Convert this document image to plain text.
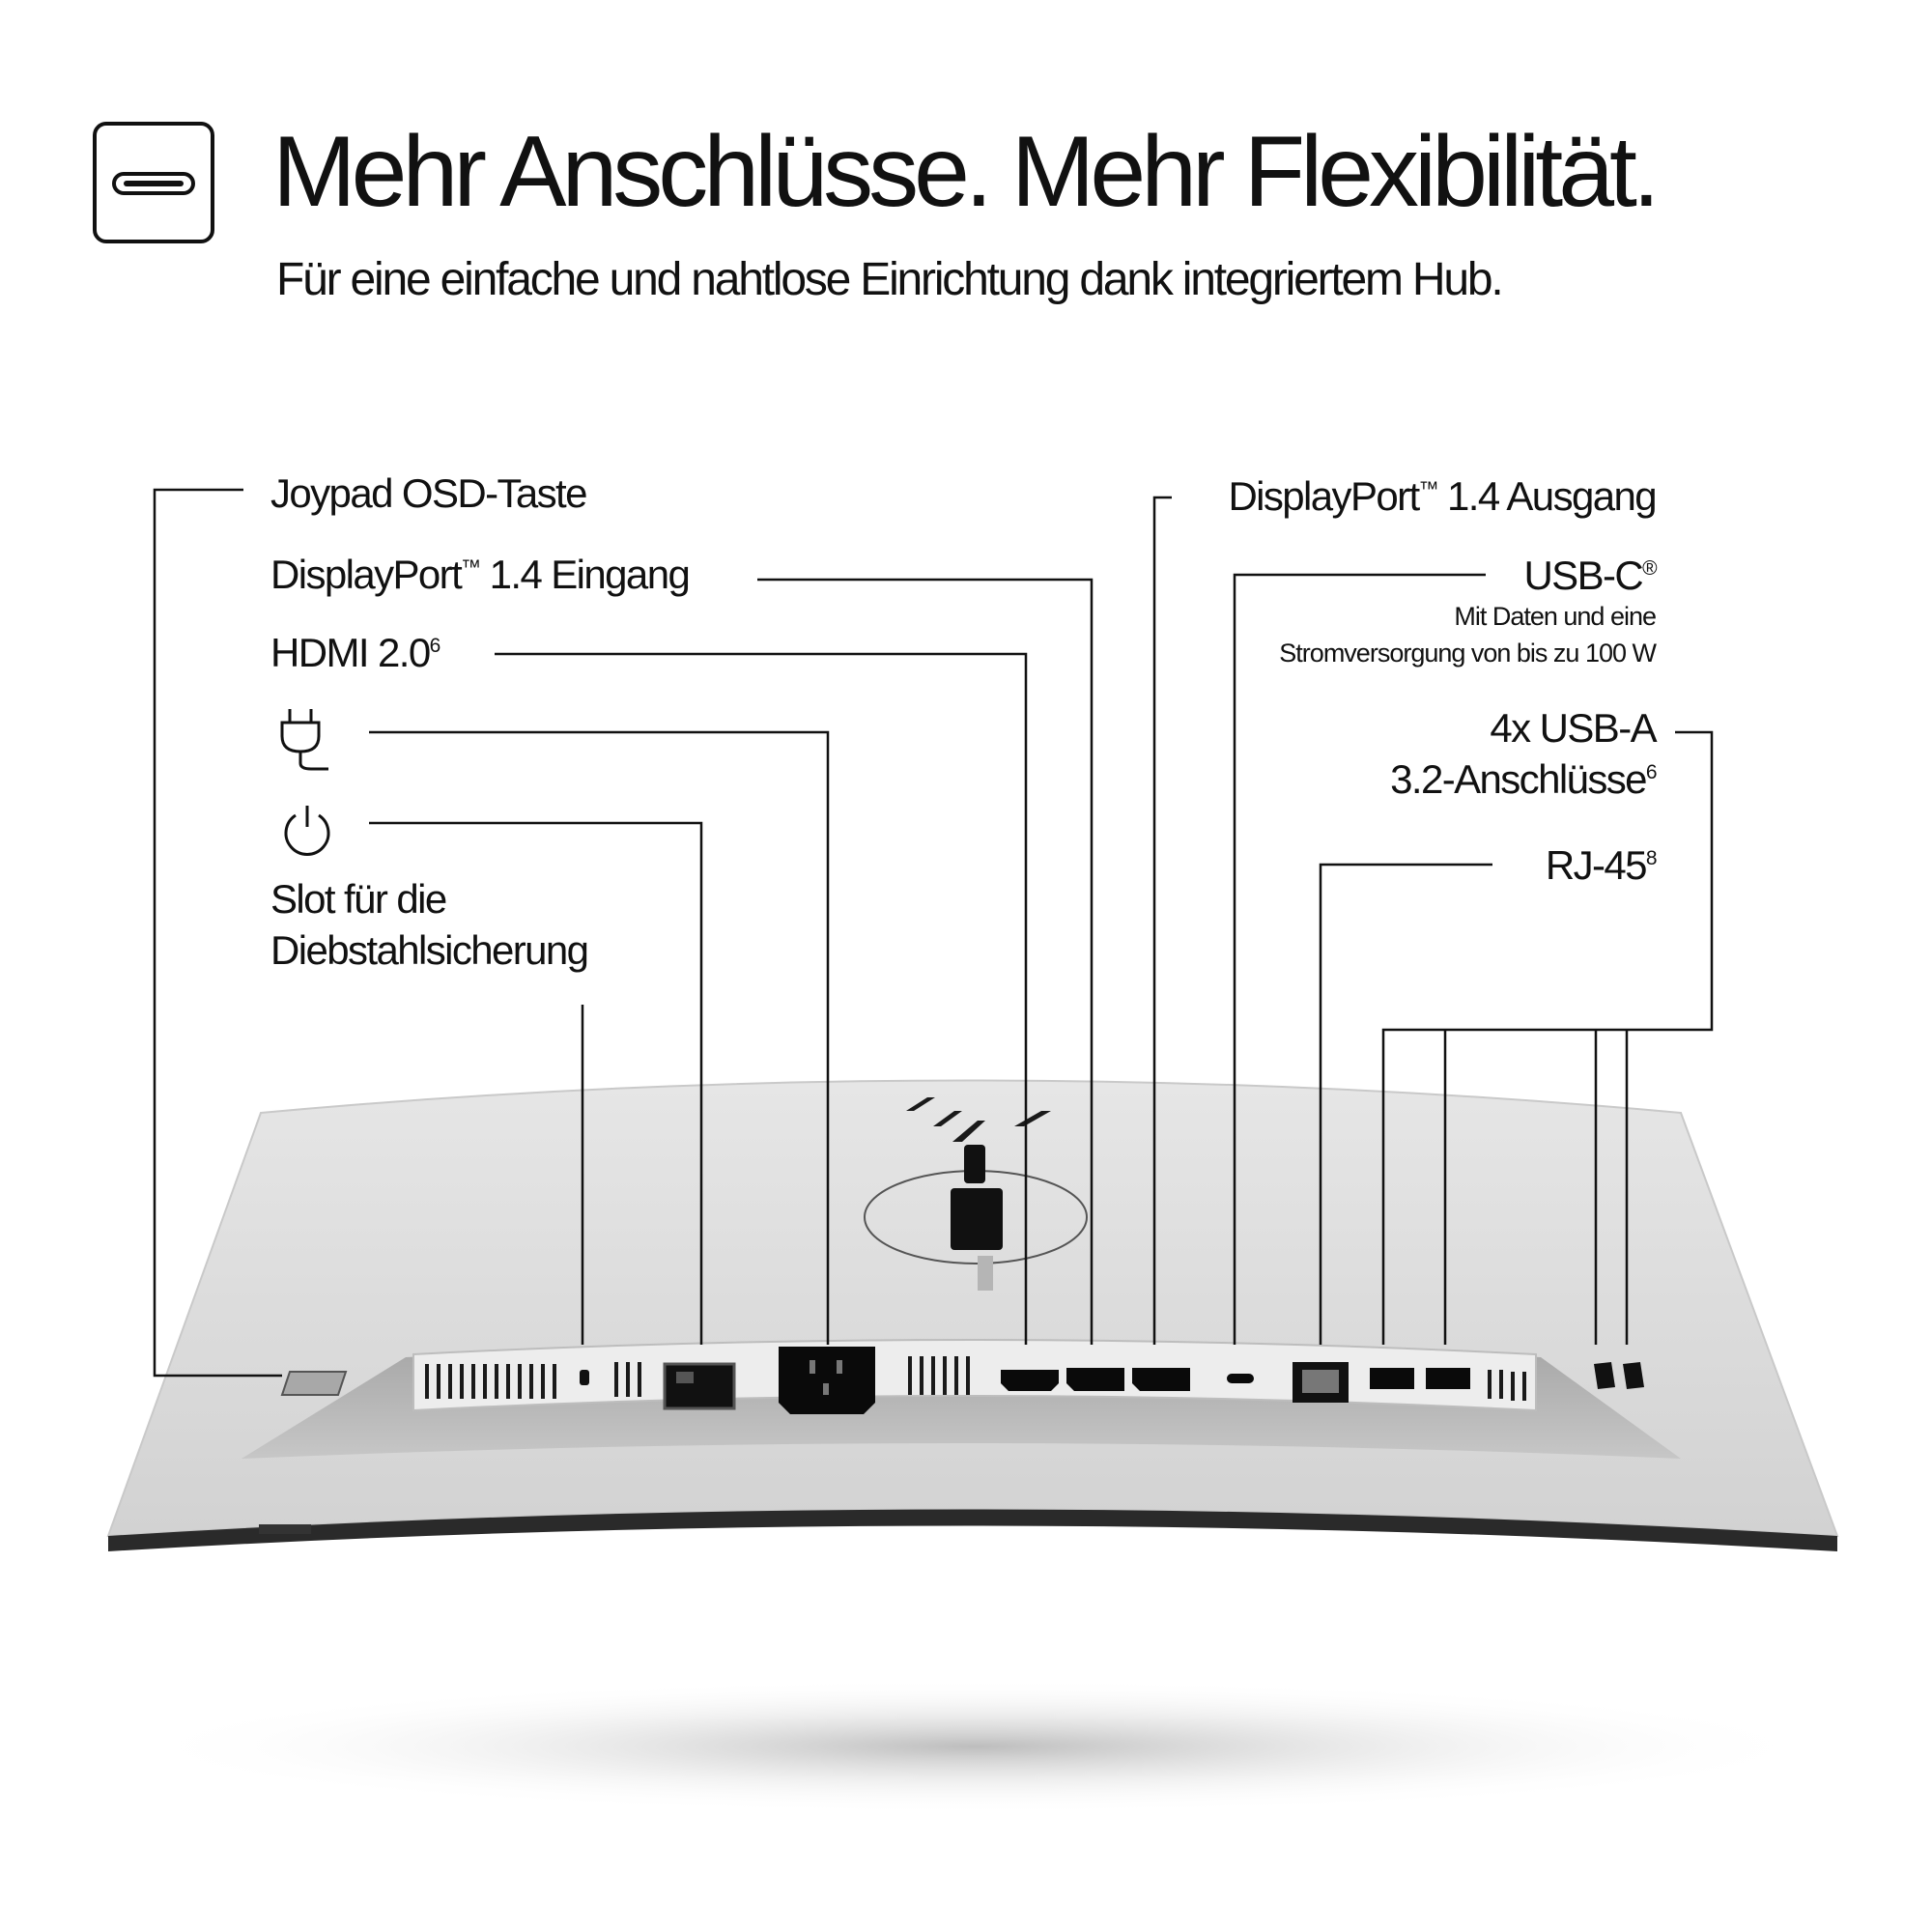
Mehr Anschlüsse. Mehr Flexibilität.
Für eine einfache und nahtlose Einrichtung dank integriertem Hub.
Joypad OSD-Taste
DisplayPort™ 1.4 Eingang
HDMI $2.0^6$
Slot für die
Diebstahlsicherung
DisplayPort™ 1.4 Ausgang
USB-C®
Mit Daten und eine
Stromversorgung von bis zu 100 W
4x USB-A
3.2-Anschlüsse$^6$
$RJ-45^8$
